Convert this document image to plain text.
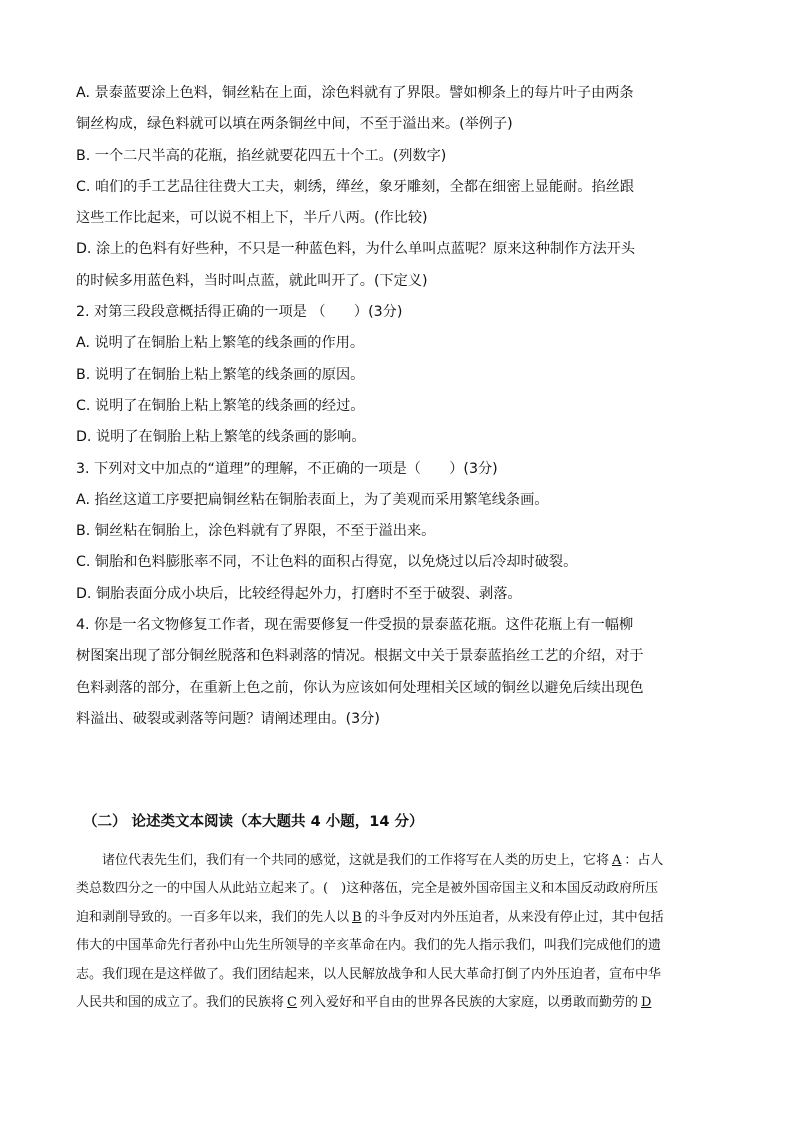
A. 景泰蓝要涂上色料，铜丝粘在上面，涂色料就有了界限。譬如柳条上的每片叶子由两条
铜丝构成，绿色料就可以填在两条铜丝中间，不至于溢出来。(举例子)
B. 一个二尺半高的花瓶，掐丝就要花四五十个工。(列数字)
C. 咱们的手工艺品往往费大工夫，刺绣，缂丝，象牙雕刻，全都在细密上显能耐。掐丝跟
这些工作比起来，可以说不相上下，半斤八两。(作比较)
D. 涂上的色料有好些种，不只是一种蓝色料，为什么单叫点蓝呢？原来这种制作方法开头
的时候多用蓝色料，当时叫点蓝，就此叫开了。(下定义)
2. 对第三段段意概括得正确的一项是 （　　）(3分)
A. 说明了在铜胎上粘上繁笔的线条画的作用。
B. 说明了在铜胎上粘上繁笔的线条画的原因。
C. 说明了在铜胎上粘上繁笔的线条画的经过。
D. 说明了在铜胎上粘上繁笔的线条画的影响。
3. 下列对文中加点的“道理”的理解，不正确的一项是（　　）(3分)
A. 掐丝这道工序要把扁铜丝粘在铜胎表面上，为了美观而采用繁笔线条画。
B. 铜丝粘在铜胎上，涂色料就有了界限，不至于溢出来。
C. 铜胎和色料膨胀率不同，不让色料的面积占得宽，以免烧过以后冷却时破裂。
D. 铜胎表面分成小块后，比较经得起外力，打磨时不至于破裂、剥落。
4. 你是一名文物修复工作者，现在需要修复一件受损的景泰蓝花瓶。这件花瓶上有一幅柳
树图案出现了部分铜丝脱落和色料剥落的情况。根据文中关于景泰蓝掐丝工艺的介绍，对于
色料剥落的部分，在重新上色之前，你认为应该如何处理相关区域的铜丝以避免后续出现色
料溢出、破裂或剥落等问题？请阐述理由。(3分)
（二） 论述类文本阅读（本大题共 4 小题，14 分）
诸位代表先生们，我们有一个共同的感觉，这就是我们的工作将写在人类的历史上，它将 A ：占人
类总数四分之一的中国人从此站立起来了。(　)这种落伍，完全是被外国帝国主义和本国反动政府所压
迫和剥削导致的。一百多年以来，我们的先人以 B 的斗争反对内外压迫者，从来没有停止过，其中包括
伟大的中国革命先行者孙中山先生所领导的辛亥革命在内。我们的先人指示我们，叫我们完成他们的遗
志。我们现在是这样做了。我们团结起来，以人民解放战争和人民大革命打倒了内外压迫者，宣布中华
人民共和国的成立了。我们的民族将 C 列入爱好和平自由的世界各民族的大家庭，以勇敢而勤劳的 D
